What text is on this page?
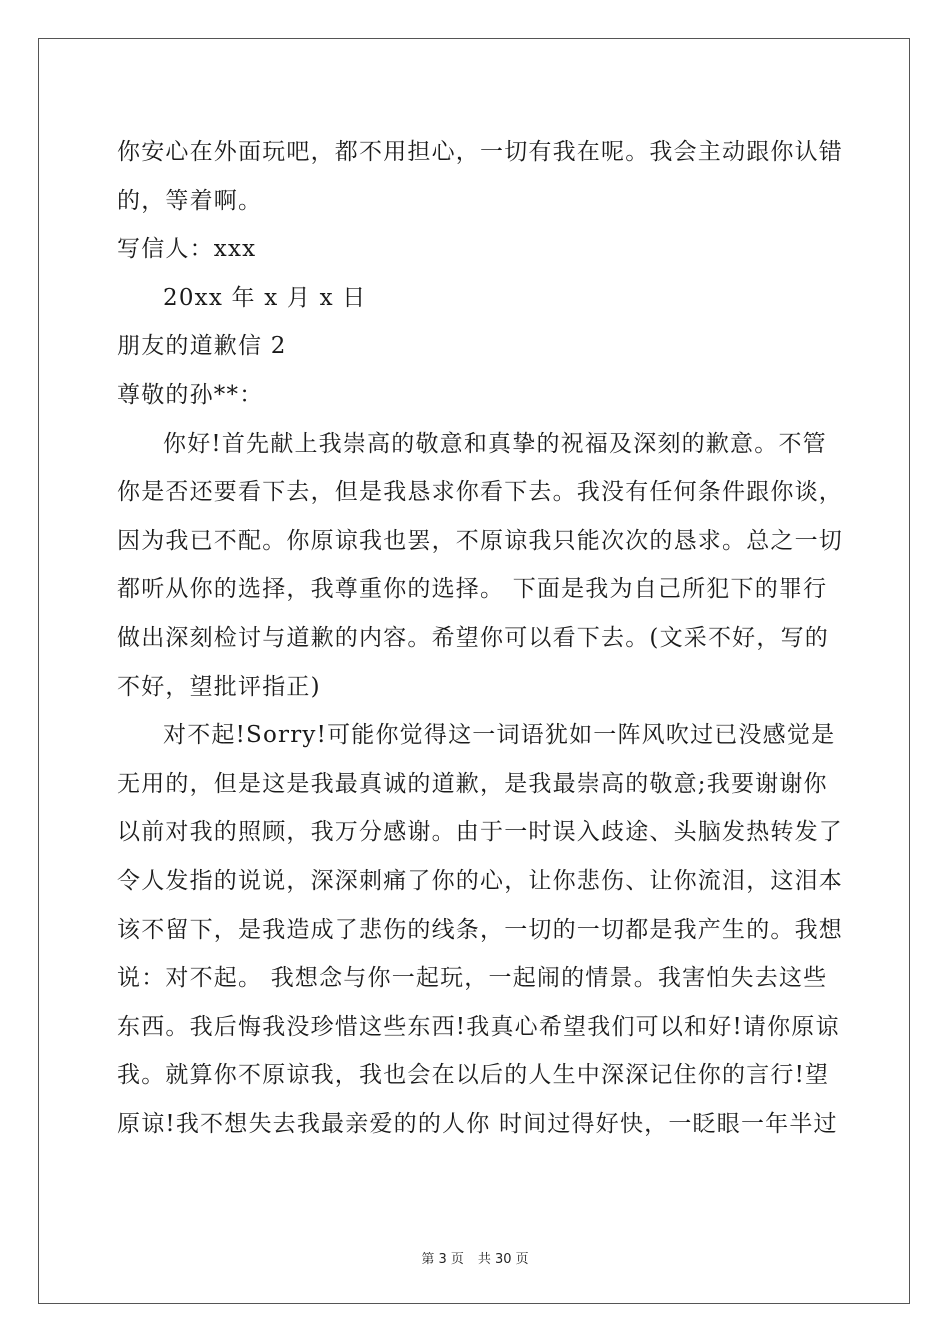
你安心在外面玩吧，都不用担心，一切有我在呢。我会主动跟你认错
的，等着啊。
写信人：xxx
20xx 年 x 月 x 日
朋友的道歉信 2
尊敬的孙**：
你好!首先献上我崇高的敬意和真挚的祝福及深刻的歉意。不管
你是否还要看下去，但是我恳求你看下去。我没有任何条件跟你谈，
因为我已不配。你原谅我也罢，不原谅我只能次次的恳求。总之一切
都听从你的选择，我尊重你的选择。 下面是我为自己所犯下的罪行
做出深刻检讨与道歉的内容。希望你可以看下去。(文采不好，写的
不好，望批评指正)
对不起!Sorry!可能你觉得这一词语犹如一阵风吹过已没感觉是
无用的，但是这是我最真诚的道歉，是我最崇高的敬意;我要谢谢你
以前对我的照顾，我万分感谢。由于一时误入歧途、头脑发热转发了
令人发指的说说，深深刺痛了你的心，让你悲伤、让你流泪，这泪本
该不留下，是我造成了悲伤的线条，一切的一切都是我产生的。我想
说：对不起。 我想念与你一起玩，一起闹的情景。我害怕失去这些
东西。我后悔我没珍惜这些东西!我真心希望我们可以和好!请你原谅
我。就算你不原谅我，我也会在以后的人生中深深记住你的言行!望
原谅!我不想失去我最亲爱的的人你 时间过得好快，一眨眼一年半过
第 3 页 共 30 页
